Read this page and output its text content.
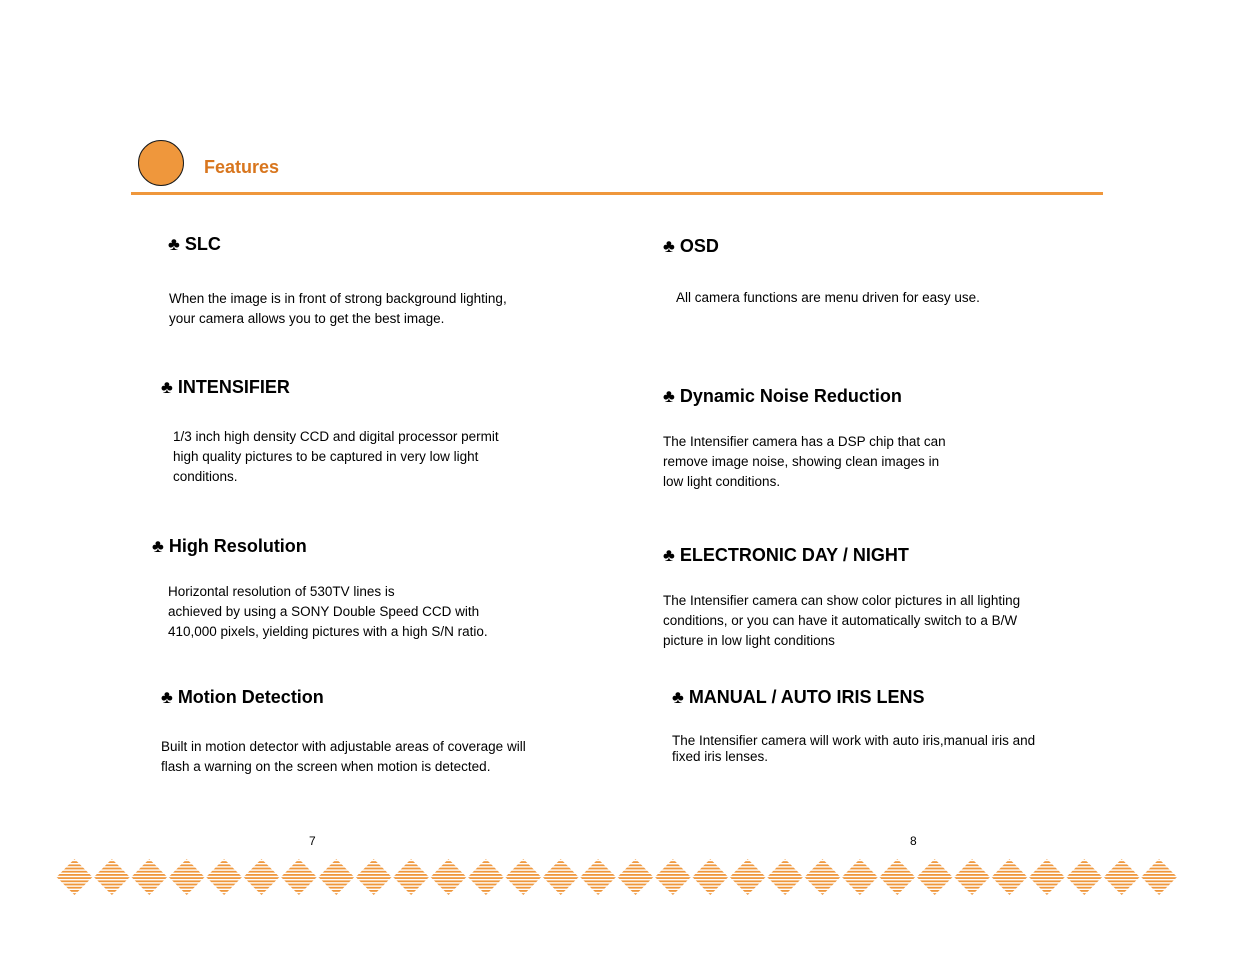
Features
♣ SLC
When the image is in front of strong background lighting,
your camera allows you to get the best image.
♣ INTENSIFIER
1/3 inch high density CCD and digital processor permit
high quality pictures to be captured in very low light
conditions.
♣ High Resolution
Horizontal resolution of 530TV lines is
achieved by using a SONY Double Speed CCD with
410,000 pixels, yielding pictures with a high S/N ratio.
♣ Motion Detection
Built in motion detector with adjustable areas of coverage will
flash a warning on the screen when motion is detected.
♣ OSD
All camera functions are menu driven for easy use.
♣ Dynamic Noise Reduction
The Intensifier camera has a DSP chip that can
remove image noise, showing clean images in
low light conditions.
♣ ELECTRONIC DAY / NIGHT
The Intensifier camera can show color pictures in all lighting
conditions, or you can have it automatically switch to a B/W
picture in low light conditions
♣ MANUAL / AUTO IRIS LENS
The Intensifier camera will work with auto iris,manual iris and
fixed iris lenses.
7	8
